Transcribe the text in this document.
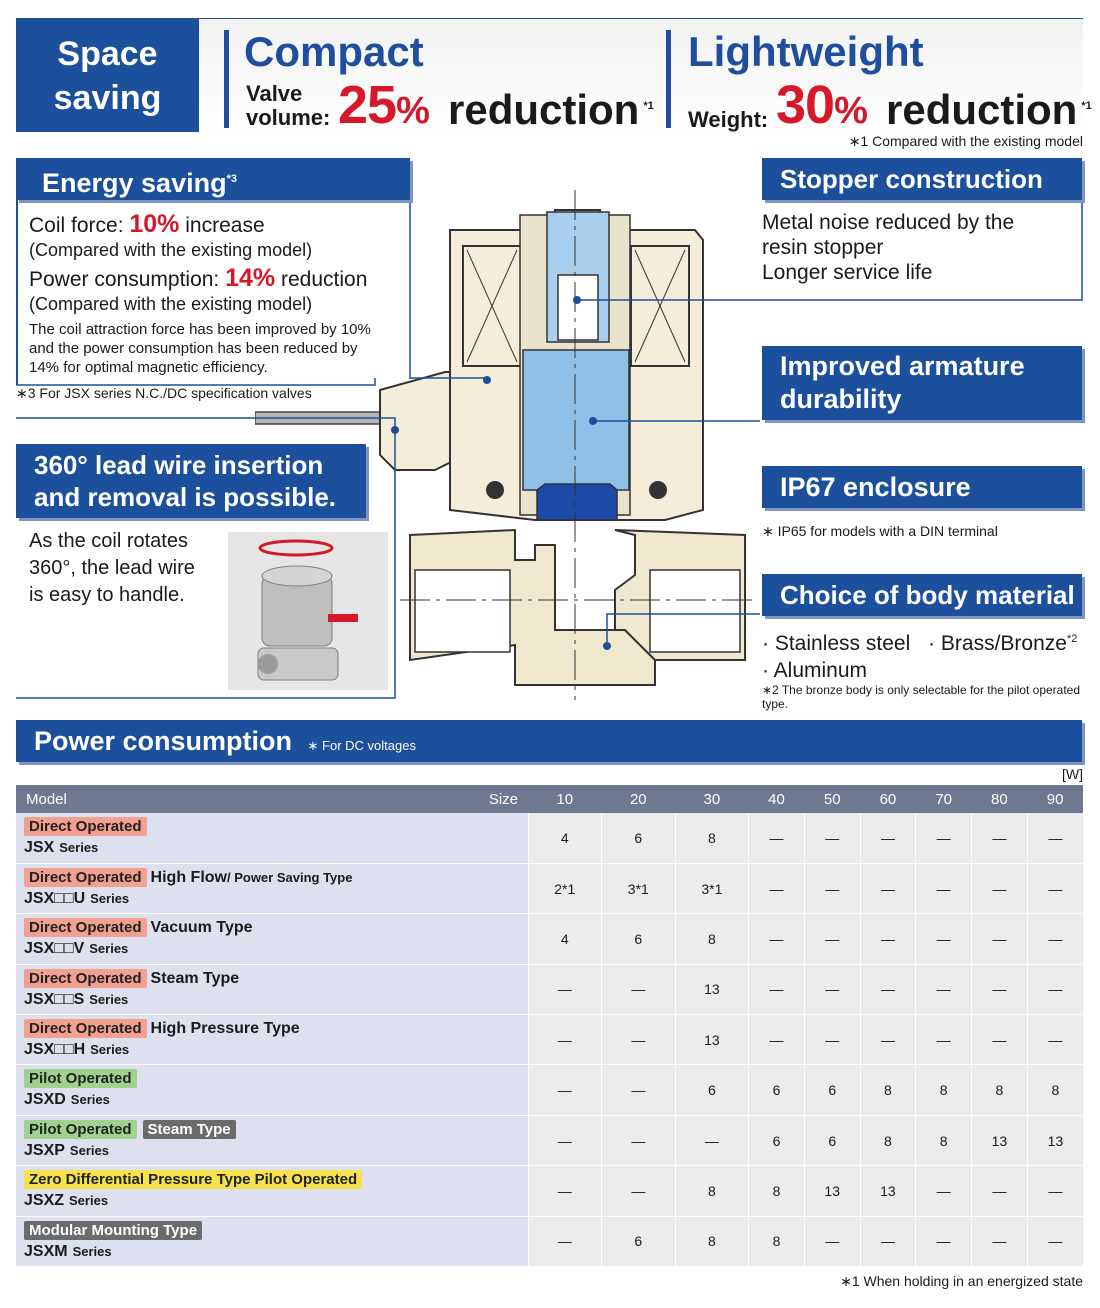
Space saving
Compact
Valve
volume: 25% reduction $^{*1}$
Lightweight
Weight: 30% reduction $^{*1}$
∗1 Compared with the existing model
Energy saving$^{*3}$
Coil force: 10% increase
(Compared with the existing model)
Power consumption: 14% reduction
(Compared with the existing model)
The coil attraction force has been improved by 10% and the power consumption has been reduced by 14% for optimal magnetic efficiency.
∗3 For JSX series N.C./DC specification valves
360° lead wire insertion
and removal is possible.
As the coil rotates 360°, the lead wire is easy to handle.
Stopper construction
Metal noise reduced by the
resin stopper
Longer service life
Improved armature
durability
IP67 enclosure
∗ IP65 for models with a DIN terminal
Choice of body material
· Stainless steel · Brass/Bronze$^{*2}$
· Aluminum
∗2 The bronze body is only selectable for the pilot operated type.
Power consumption ∗ For DC voltages
[W]
Model Size	10	20	30	40	50	60	70	80	90

Direct Operated
JSX Series	4	6	8	—	—	—	—	—	—

Direct Operated High Flow/ Power Saving Type
JSX□□U Series	2*1	3*1	3*1	—	—	—	—	—	—

Direct Operated Vacuum Type
JSX□□V Series	4	6	8	—	—	—	—	—	—

Direct Operated Steam Type
JSX□□S Series	—	—	13	—	—	—	—	—	—

Direct Operated High Pressure Type
JSX□□H Series	—	—	13	—	—	—	—	—	—

Pilot Operated
JSXD Series	—	—	6	6	6	8	8	8	8

Pilot Operated Steam Type
JSXP Series	—	—	—	6	6	8	8	13	13

Zero Differential Pressure Type Pilot Operated
JSXZ Series	—	—	8	8	13	13	—	—	—

Modular Mounting Type
JSXM Series	—	6	8	8	—	—	—	—	—
∗1 When holding in an energized state
